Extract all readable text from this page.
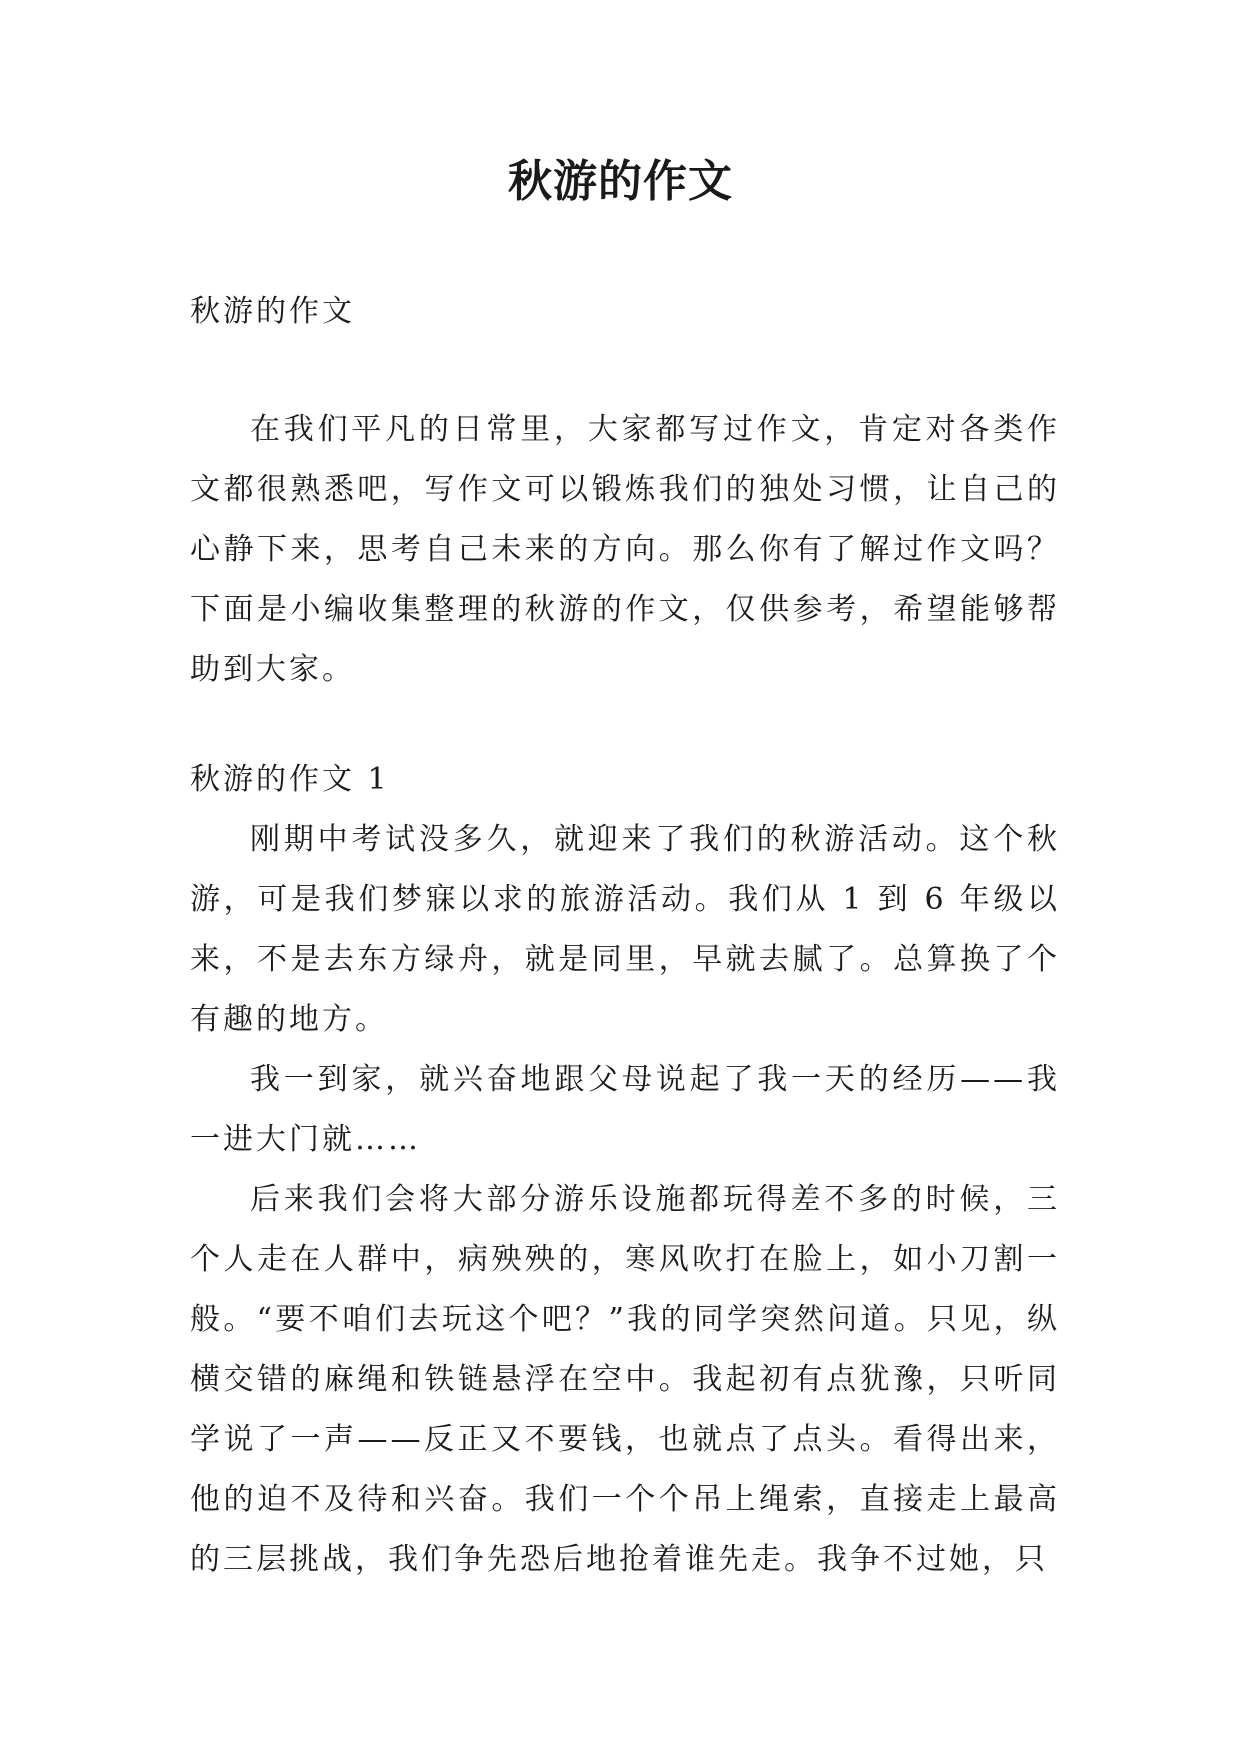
秋游的作文
秋游的作文

在我们平凡的日常里，大家都写过作文，肯定对各类作文都很熟悉吧，写作文可以锻炼我们的独处习惯，让自己的心静下来，思考自己未来的方向。那么你有了解过作文吗？下面是小编收集整理的秋游的作文，仅供参考，希望能够帮助到大家。

秋游的作文 1

刚期中考试没多久，就迎来了我们的秋游活动。这个秋游，可是我们梦寐以求的旅游活动。我们从 1 到 6 年级以来，不是去东方绿舟，就是同里，早就去腻了。总算换了个有趣的地方。

我一到家，就兴奋地跟父母说起了我一天的经历——我一进大门就……

后来我们会将大部分游乐设施都玩得差不多的时候，三个人走在人群中，病殃殃的，寒风吹打在脸上，如小刀割一般。“要不咱们去玩这个吧？”我的同学突然问道。只见，纵横交错的麻绳和铁链悬浮在空中。我起初有点犹豫，只听同学说了一声——反正又不要钱，也就点了点头。看得出来，他的迫不及待和兴奋。我们一个个吊上绳索，直接走上最高的三层挑战，我们争先恐后地抢着谁先走。我争不过她，只
